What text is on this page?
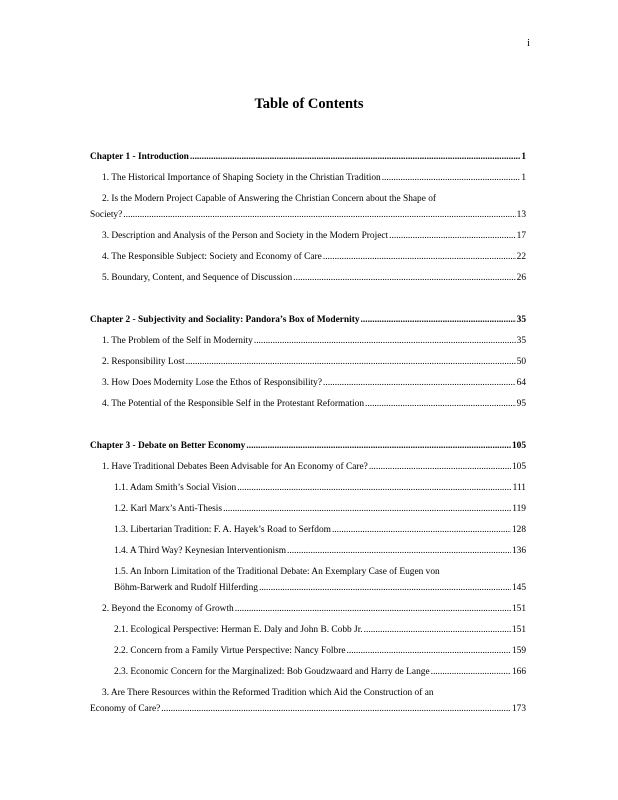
i
Table of Contents
Chapter 1 - Introduction .....	1
1. The Historical Importance of Shaping Society in the Christian Tradition .....	1
2. Is the Modern Project Capable of Answering the Christian Concern about the Shape of
Society? .....	13
3. Description and Analysis of the Person and Society in the Modern Project .....	17
4. The Responsible Subject: Society and Economy of Care .....	22
5. Boundary, Content, and Sequence of Discussion .....	26
Chapter 2 - Subjectivity and Sociality: Pandora’s Box of Modernity .....	35
1. The Problem of the Self in Modernity .....	35
2. Responsibility Lost .....	50
3. How Does Modernity Lose the Ethos of Responsibility? .....	64
4. The Potential of the Responsible Self in the Protestant Reformation .....	95
Chapter 3 - Debate on Better Economy .....	105
1. Have Traditional Debates Been Advisable for An Economy of Care? .....	105
1.1. Adam Smith’s Social Vision .....	111
1.2. Karl Marx’s Anti-Thesis .....	119
1.3. Libertarian Tradition: F. A. Hayek’s Road to Serfdom .....	128
1.4. A Third Way? Keynesian Interventionism .....	136
1.5. An Inborn Limitation of the Traditional Debate: An Exemplary Case of Eugen von
Böhm-Barwerk and Rudolf Hilferding .....	145
2. Beyond the Economy of Growth .....	151
2.1. Ecological Perspective: Herman E. Daly and John B. Cobb Jr. .....	151
2.2. Concern from a Family Virtue Perspective: Nancy Folbre .....	159
2.3. Economic Concern for the Marginalized: Bob Goudzwaard and Harry de Lange .....	166
3. Are There Resources within the Reformed Tradition which Aid the Construction of an
Economy of Care? .....	173
